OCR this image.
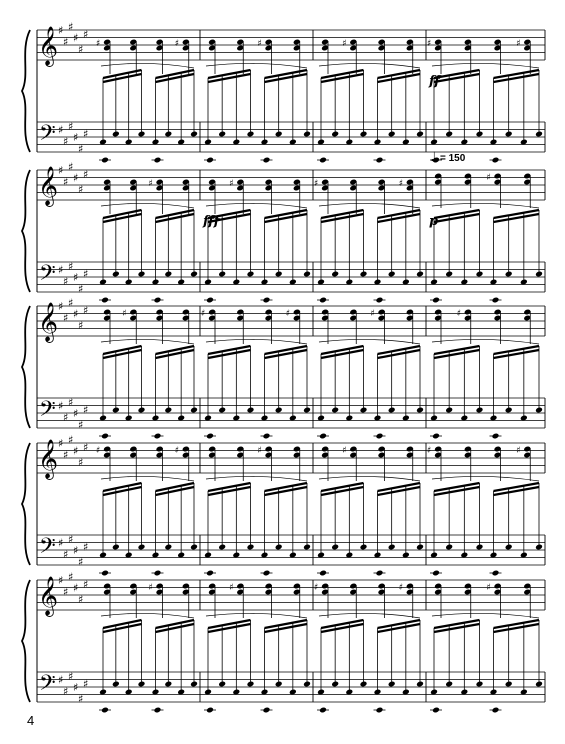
𝄞
𝄢
♯
♯
♯
♯
♯
♯
♯
♯
♯
♯
♯
♯
♯	♯	♯	♯	♯	♯
ff
𝄞
𝄢
♯
♯
♯
♯
♯
♯
♯
♯
♯
♯
♯
♯
♯	♯	♯	♯
♯
fff	p
♩ = 150
𝄞
𝄢
♯
♯
♯
♯
♯
♯
♯
♯
♯
♯
♯
♯
♯	♯	♯	♯	♯
𝄞
𝄢
♯
♯
♯
♯
♯
♯
♯
♯
♯
♯
♯
♯
♯	♯	♯	♯	♯	♯
𝄞
𝄢
♯
♯
♯
♯
♯
♯
♯
♯
♯
♯
♯
♯
♯	♯	♯	♯	♯
4
